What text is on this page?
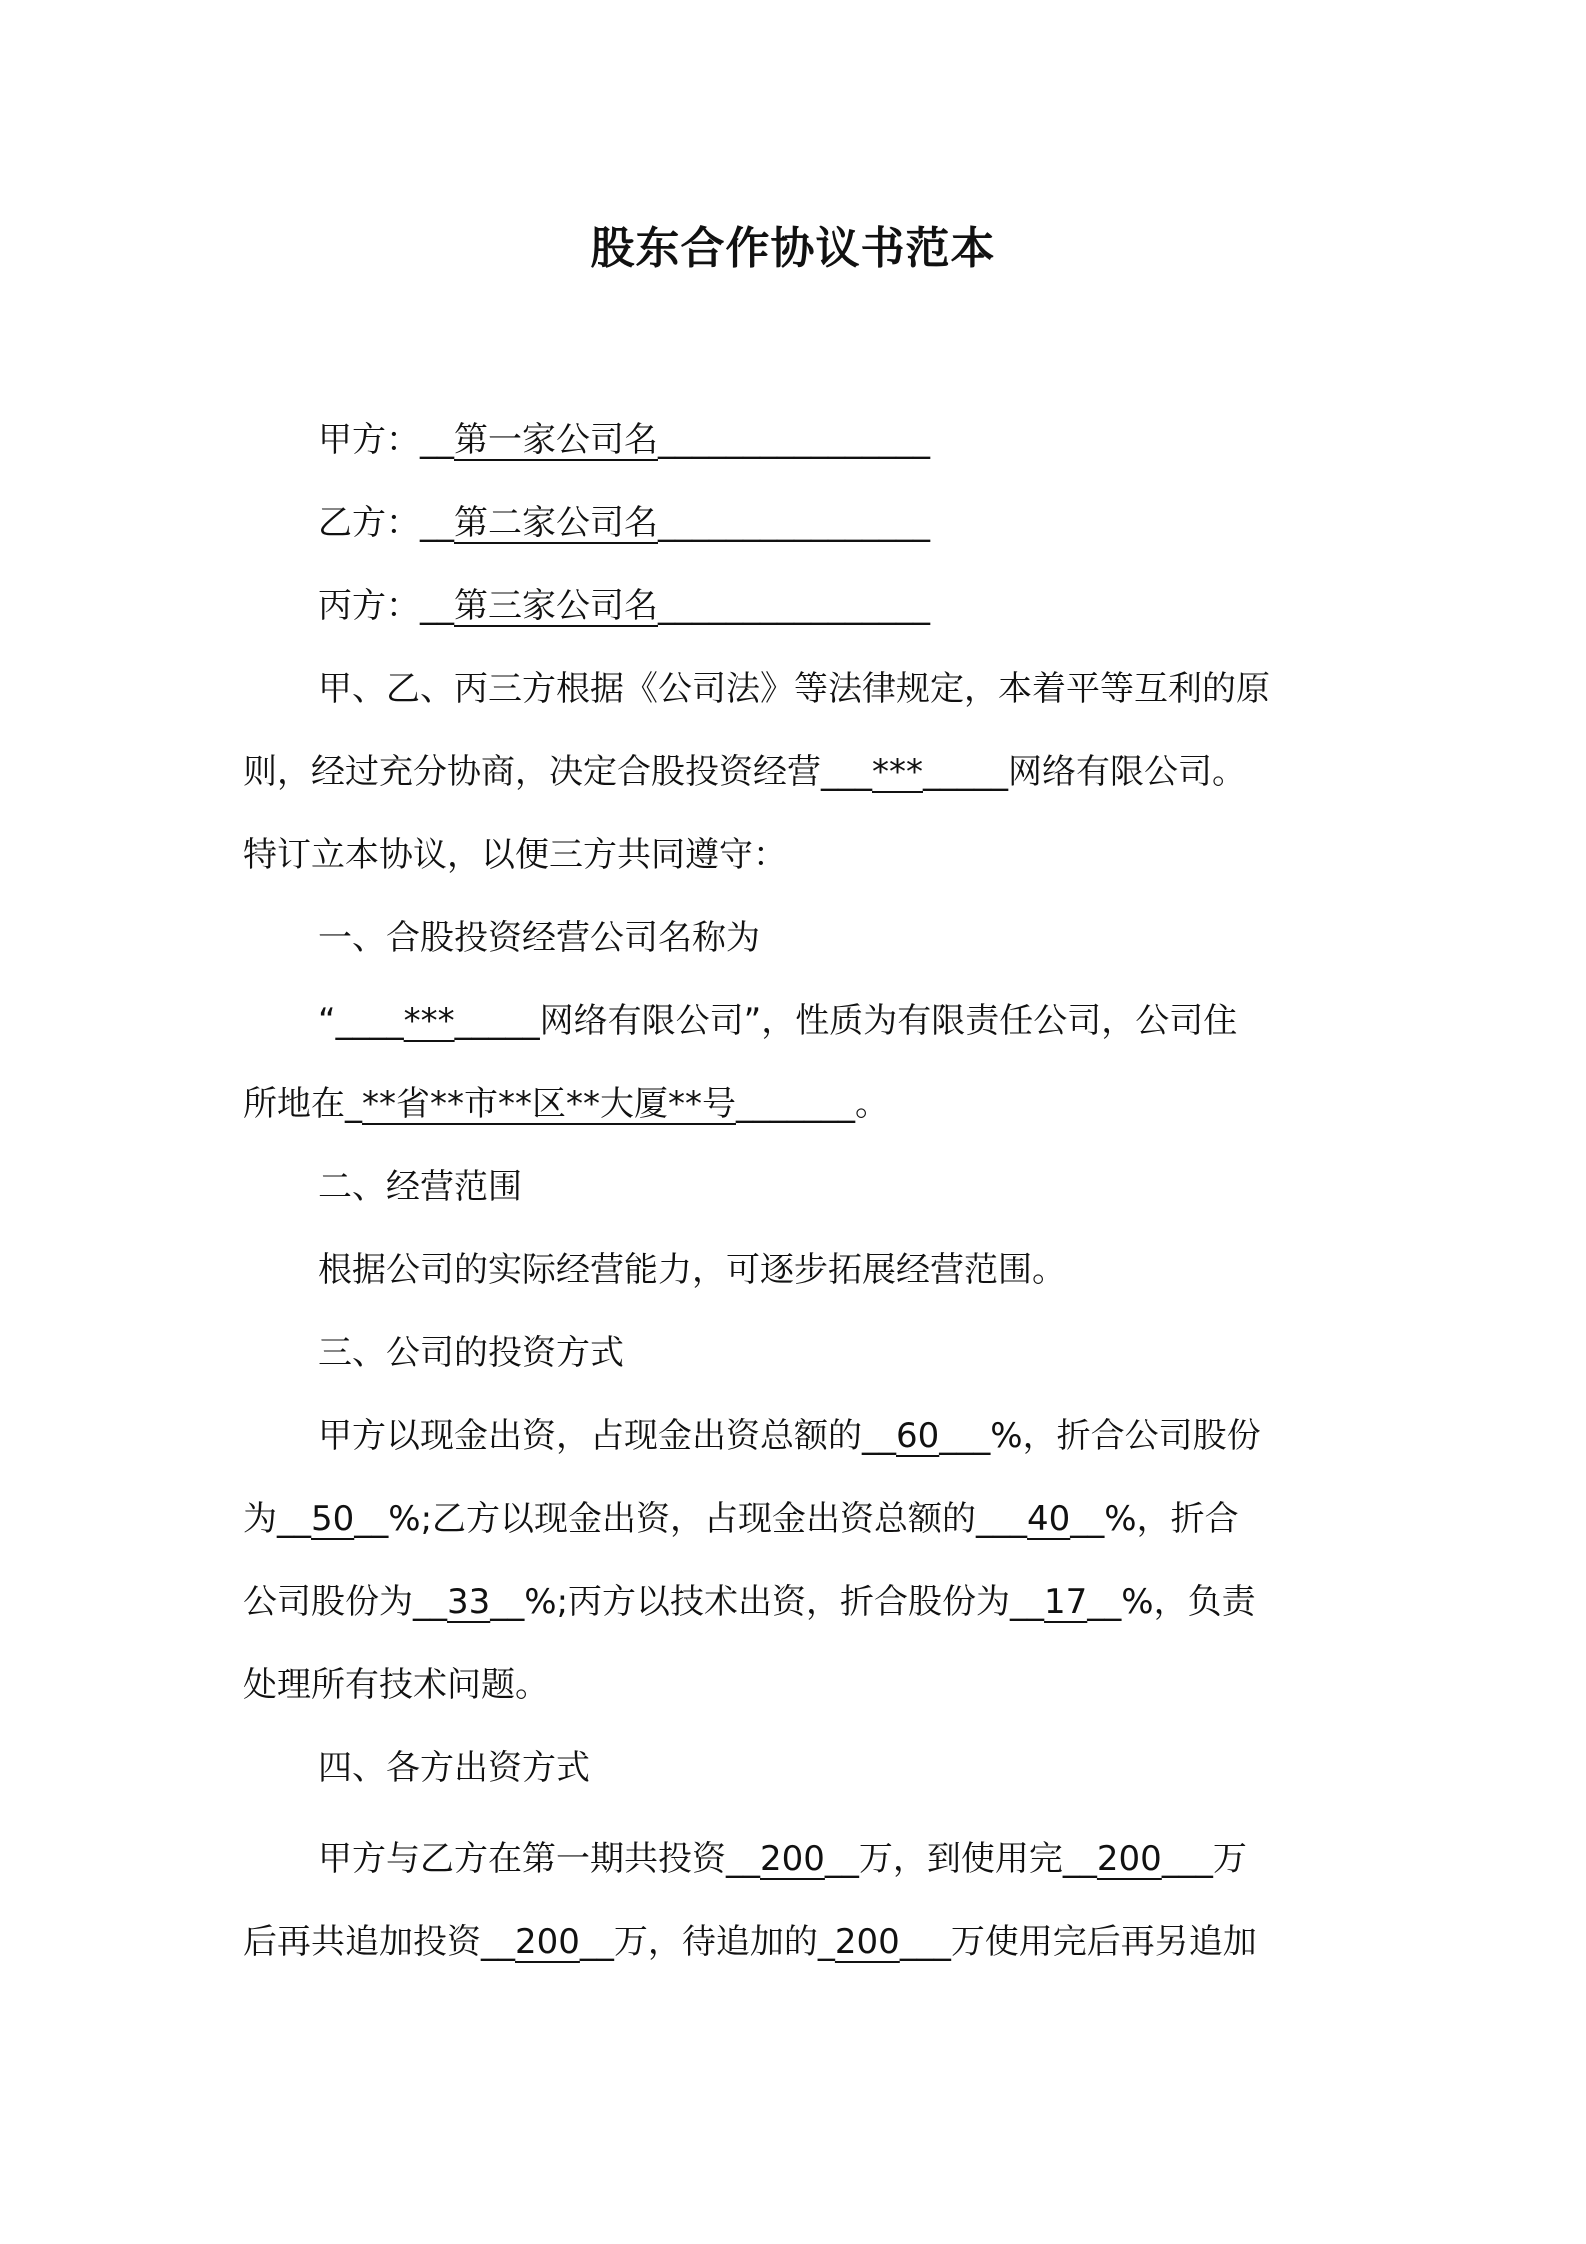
股东合作协议书范本
甲方：__第一家公司名________________
乙方：__第二家公司名________________
丙方：__第三家公司名________________
甲、乙、丙三方根据《公司法》等法律规定，本着平等互利的原
则，经过充分协商，决定合股投资经营___***_____网络有限公司。
特订立本协议，以便三方共同遵守：
一、合股投资经营公司名称为
“____***_____网络有限公司”，性质为有限责任公司，公司住
所地在_**省**市**区**大厦**号_______。
二、经营范围
根据公司的实际经营能力，可逐步拓展经营范围。
三、公司的投资方式
甲方以现金出资，占现金出资总额的__60___%，折合公司股份
为__50__%;乙方以现金出资，占现金出资总额的___40__%，折合
公司股份为__33__%;丙方以技术出资，折合股份为__17__%，负责
处理所有技术问题。
四、各方出资方式
甲方与乙方在第一期共投资__200__万，到使用完__200___万
后再共追加投资__200__万，待追加的_200___万使用完后再另追加
